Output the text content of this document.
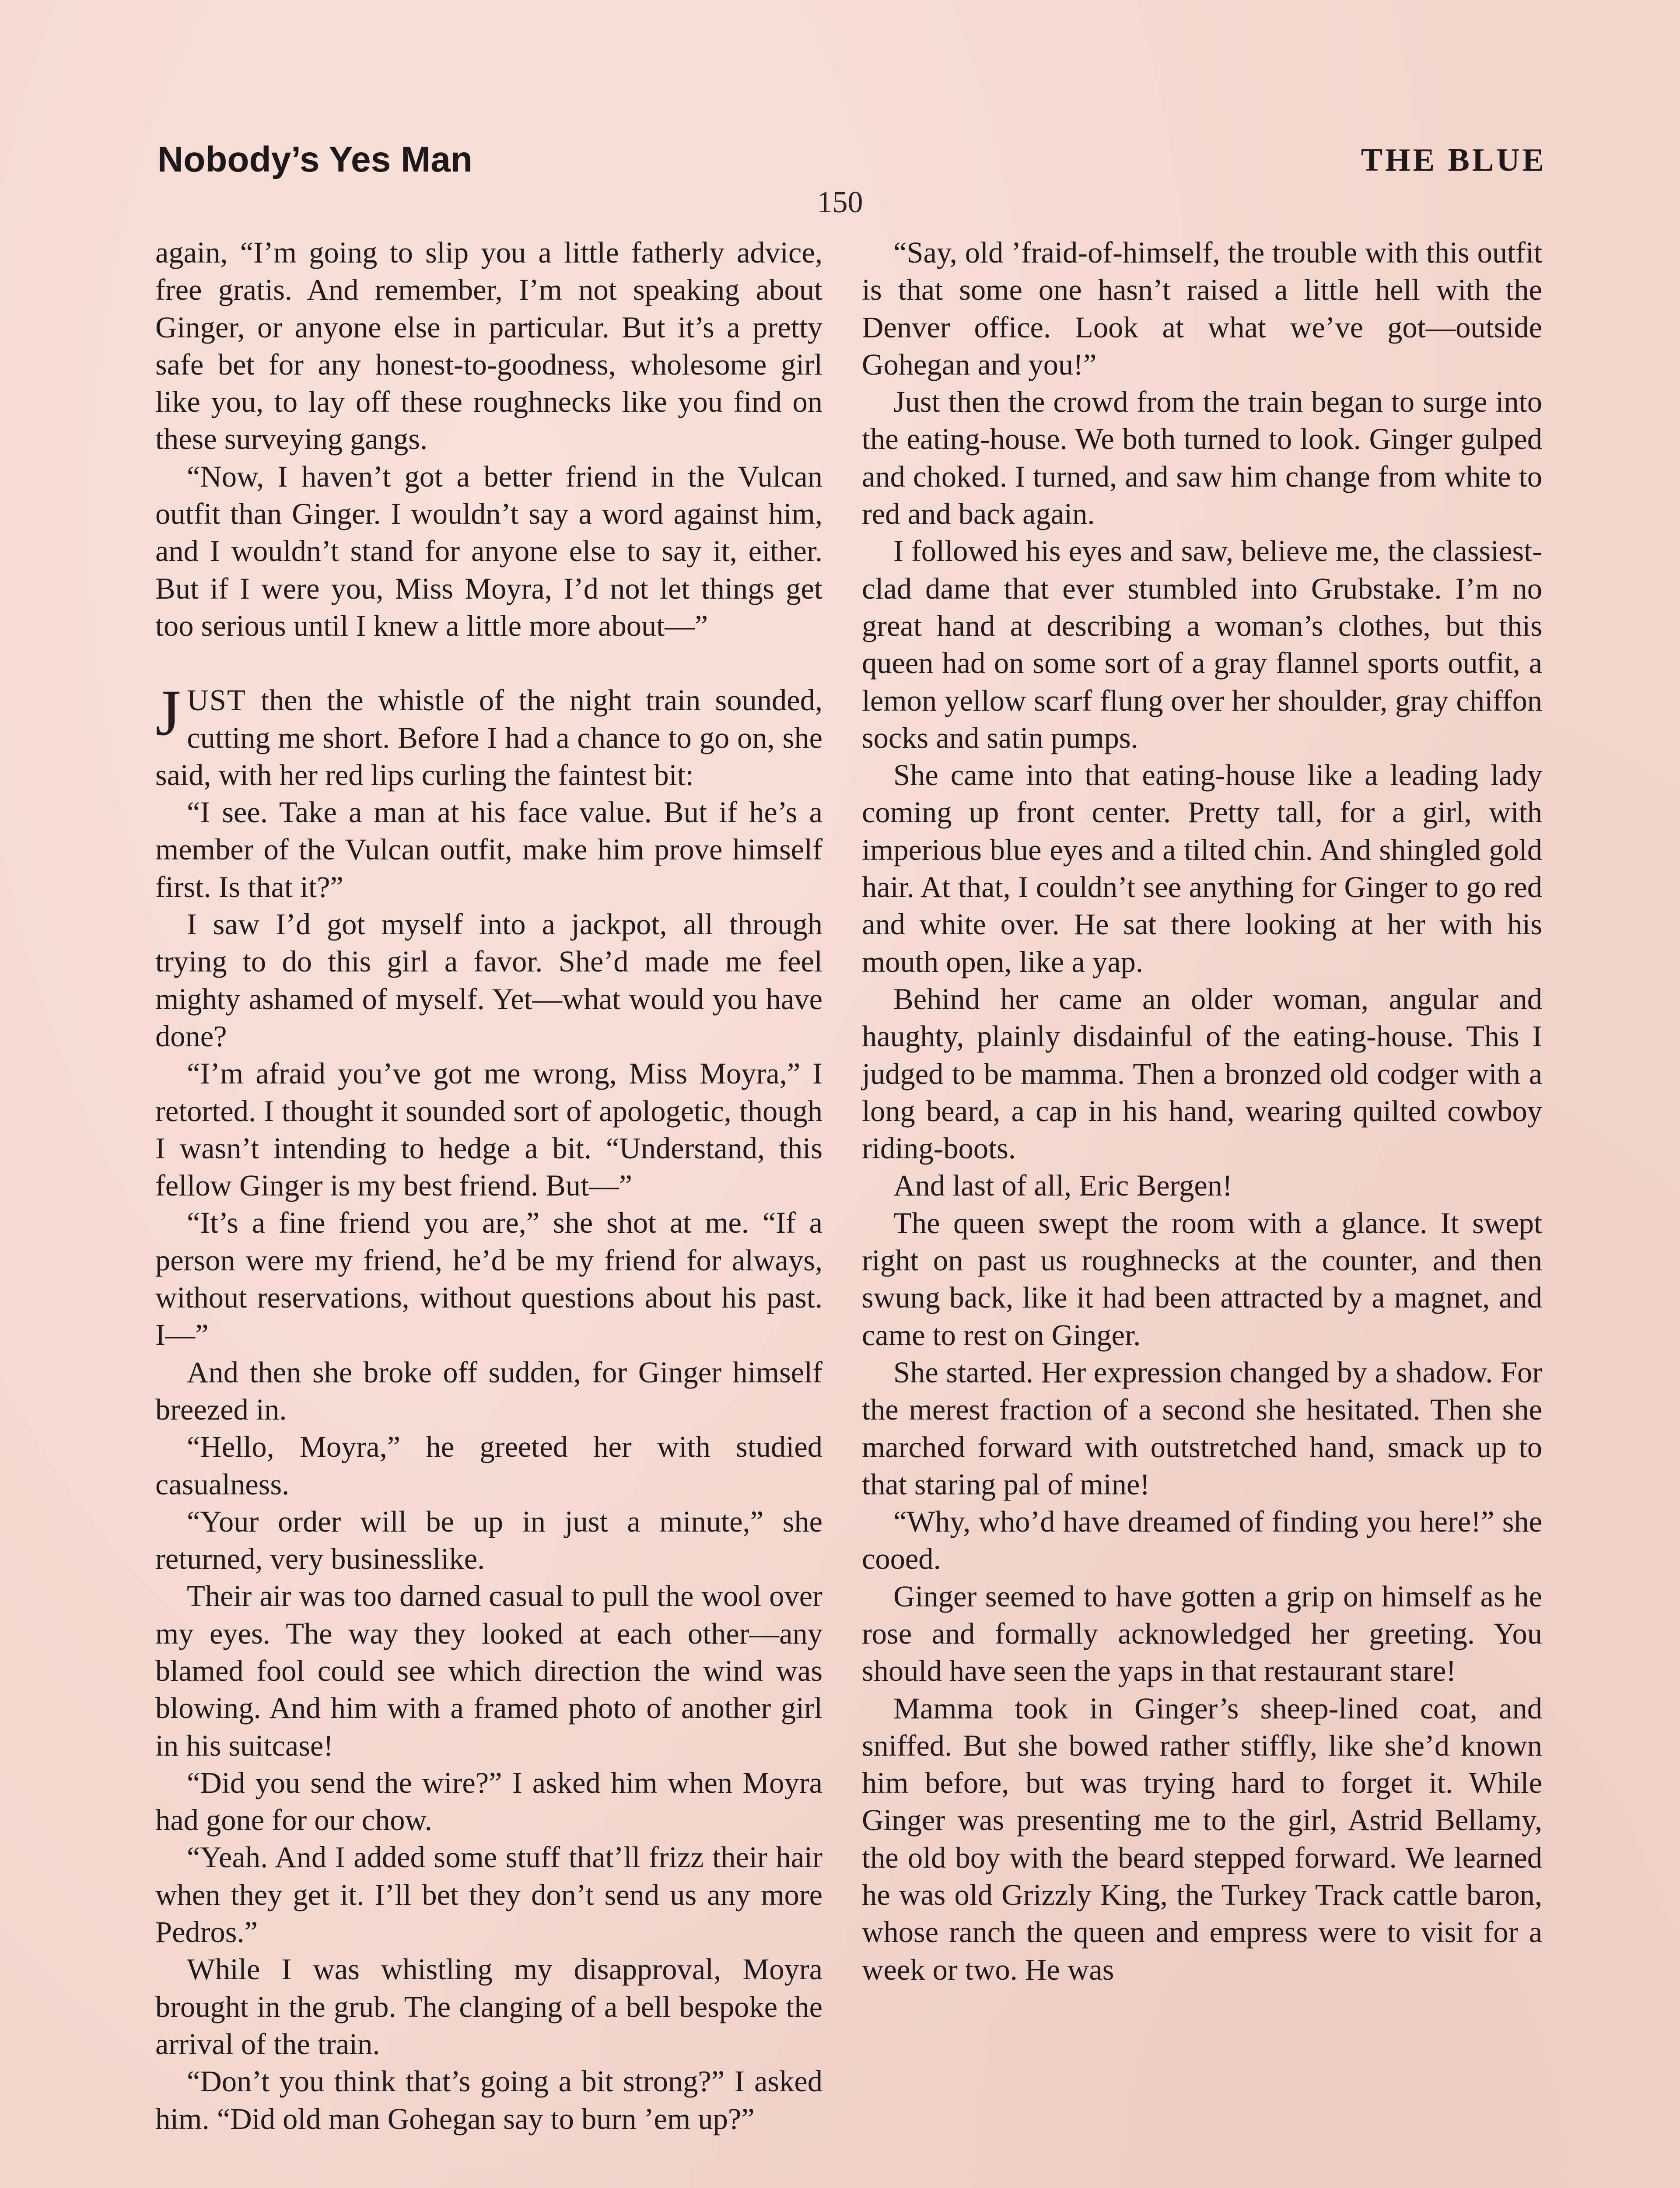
Nobody’s Yes Man	THE BLUE
150

again, “I’m going to slip you a little fatherly advice, free gratis. And remember, I’m not speaking about Ginger, or anyone else in particular. But it’s a pretty safe bet for any honest-to-goodness, wholesome girl like you, to lay off these roughnecks like you find on these surveying gangs.

“Now, I haven’t got a better friend in the Vulcan outfit than Ginger. I wouldn’t say a word against him, and I wouldn’t stand for anyone else to say it, either. But if I were you, Miss Moyra, I’d not let things get too serious until I knew a little more about—”

JUST then the whistle of the night train sounded, cutting me short. Before I had a chance to go on, she said, with her red lips curling the faintest bit:

“I see. Take a man at his face value. But if he’s a member of the Vulcan outfit, make him prove himself first. Is that it?”

I saw I’d got myself into a jackpot, all through trying to do this girl a favor. She’d made me feel mighty ashamed of myself. Yet—what would you have done?

“I’m afraid you’ve got me wrong, Miss Moyra,” I retorted. I thought it sounded sort of apologetic, though I wasn’t intending to hedge a bit. “Understand, this fellow Ginger is my best friend. But—”

“It’s a fine friend you are,” she shot at me. “If a person were my friend, he’d be my friend for always, without reservations, without questions about his past. I—”

And then she broke off sudden, for Ginger himself breezed in.

“Hello, Moyra,” he greeted her with studied casualness.

“Your order will be up in just a minute,” she returned, very businesslike.

Their air was too darned casual to pull the wool over my eyes. The way they looked at each other—any blamed fool could see which direction the wind was blowing. And him with a framed photo of another girl in his suitcase!

“Did you send the wire?” I asked him when Moyra had gone for our chow.

“Yeah. And I added some stuff that’ll frizz their hair when they get it. I’ll bet they don’t send us any more Pedros.”

While I was whistling my disapproval, Moyra brought in the grub. The clanging of a bell bespoke the arrival of the train.

“Don’t you think that’s going a bit strong?” I asked him. “Did old man Gohegan say to burn ’em up?”

“Say, old ’fraid-of-himself, the trouble with this outfit is that some one hasn’t raised a little hell with the Denver office. Look at what we’ve got—outside Gohegan and you!”

Just then the crowd from the train began to surge into the eating-house. We both turned to look. Ginger gulped and choked. I turned, and saw him change from white to red and back again.

I followed his eyes and saw, believe me, the classiest-clad dame that ever stumbled into Grubstake. I’m no great hand at describing a woman’s clothes, but this queen had on some sort of a gray flannel sports outfit, a lemon yellow scarf flung over her shoulder, gray chiffon socks and satin pumps.

She came into that eating-house like a leading lady coming up front center. Pretty tall, for a girl, with imperious blue eyes and a tilted chin. And shingled gold hair. At that, I couldn’t see anything for Ginger to go red and white over. He sat there looking at her with his mouth open, like a yap.

Behind her came an older woman, angular and haughty, plainly disdainful of the eating-house. This I judged to be mamma. Then a bronzed old codger with a long beard, a cap in his hand, wearing quilted cowboy riding-boots.

And last of all, Eric Bergen!

The queen swept the room with a glance. It swept right on past us roughnecks at the counter, and then swung back, like it had been attracted by a magnet, and came to rest on Ginger.

She started. Her expression changed by a shadow. For the merest fraction of a second she hesitated. Then she marched forward with outstretched hand, smack up to that staring pal of mine!

“Why, who’d have dreamed of finding you here!” she cooed.

Ginger seemed to have gotten a grip on himself as he rose and formally acknowledged her greeting. You should have seen the yaps in that restaurant stare!

Mamma took in Ginger’s sheep-lined coat, and sniffed. But she bowed rather stiffly, like she’d known him before, but was trying hard to forget it. While Ginger was presenting me to the girl, Astrid Bellamy, the old boy with the beard stepped forward. We learned he was old Grizzly King, the Turkey Track cattle baron, whose ranch the queen and empress were to visit for a week or two. He was
